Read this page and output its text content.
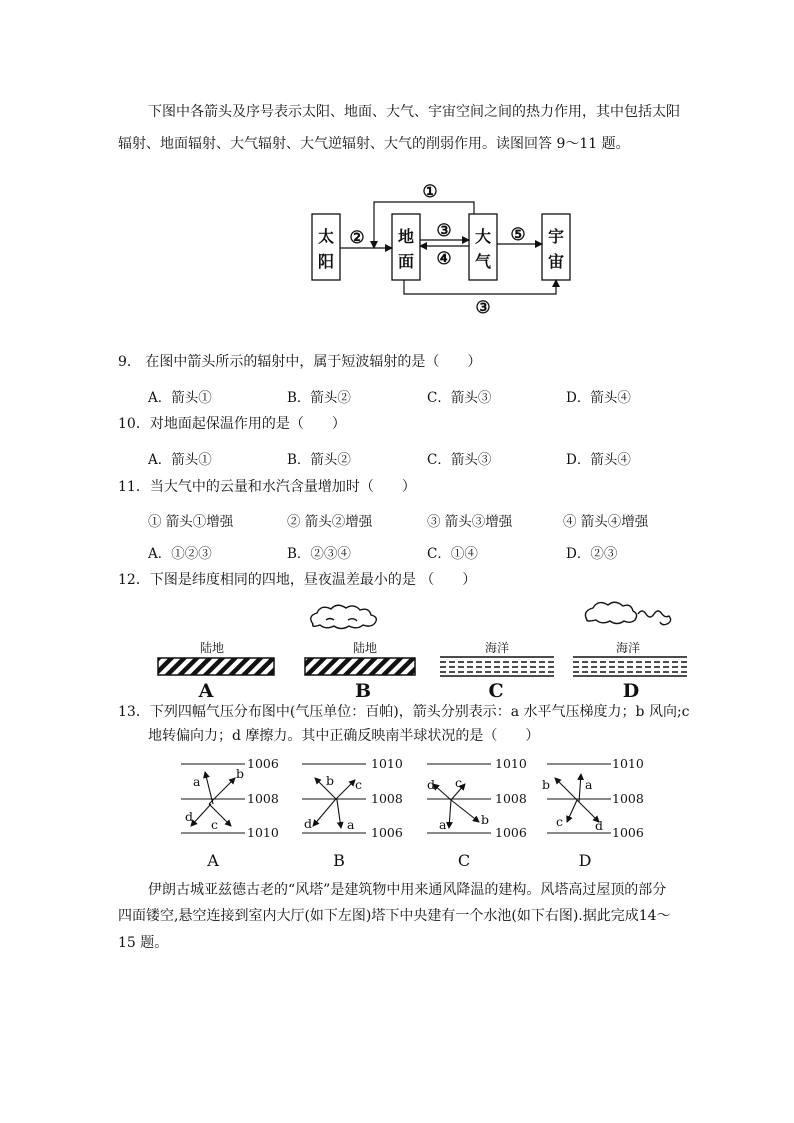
下图中各箭头及序号表示太阳、地面、大气、宇宙空间之间的热力作用，其中包括太阳
辐射、地面辐射、大气辐射、大气逆辐射、大气的削弱作用。读图回答 9～11 题。
太
阳
地
面
大
气
宇
宙
①
②	③
④
⑤
③
9． 在图中箭头所示的辐射中，属于短波辐射的是（　　）
A．箭头①	B．箭头②	C．箭头③	D．箭头④
10．对地面起保温作用的是（　　）
A．箭头①	B．箭头②	C．箭头③	D．箭头④
11．当大气中的云量和水汽含量增加时（　　）
① 箭头①增强	② 箭头②增强	③ 箭头③增强	④ 箭头④增强
A．①②③	B．②③④	C．①④	D．②③
12．下图是纬度相同的四地，昼夜温差最小的是 （　　）
陆地
A
陆地
B
海洋
C
海洋
D
13．下列四幅气压分布图中(气压单位：百帕)，箭头分别表示：a 水平气压梯度力；b 风向;c
地转偏向力；d 摩擦力。其中正确反映南半球状况的是（　　）
1006
1008
1010
a
b
c
d
A
1010
1008
1006
b c
d	a
B
1010
1008
1006
d c
a	b
C
1010
1008
1006
b	a
c	d
D
伊朗古城亚兹德古老的“风塔”是建筑物中用来通风降温的建构。风塔高过屋顶的部分
四面镂空,悬空连接到室内大厅(如下左图)塔下中央建有一个水池(如下右图).据此完成14～
15 题。
